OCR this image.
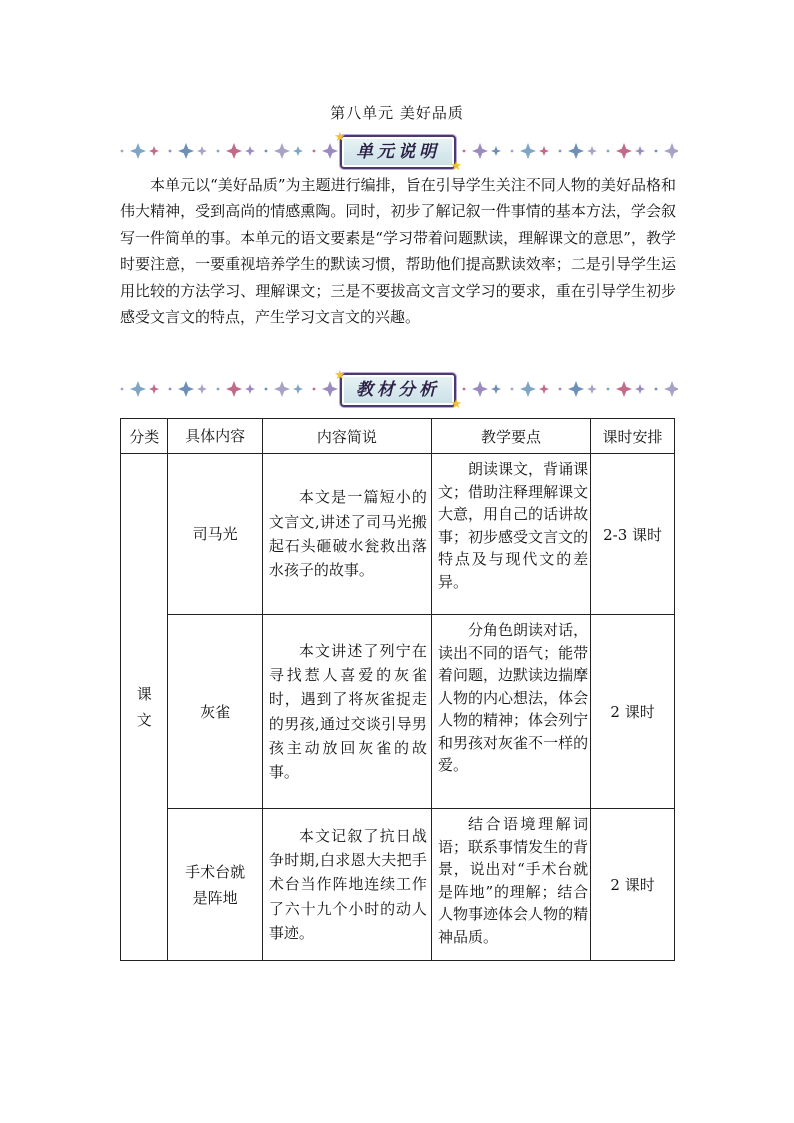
第八单元 美好品质
★
单元说明
★

本单元以“美好品质”为主题进行编排，旨在引导学生关注不同人物的美好品格和伟大精神，受到高尚的情感熏陶。同时，初步了解记叙一件事情的基本方法，学会叙写一件简单的事。本单元的语文要素是“学习带着问题默读，理解课文的意思”，教学时要注意，一要重视培养学生的默读习惯，帮助他们提高默读效率；二是引导学生运用比较的方法学习、理解课文；三是不要拔高文言文学习的要求，重在引导学生初步感受文言文的特点，产生学习文言文的兴趣。

★
教材分析
★
分类	具体内容	内容简说	教学要点	课时安排

课
文	司马光	本文是一篇短小的文言文,讲述了司马光搬起石头砸破水瓮救出落水孩子的故事。	朗读课文，背诵课文；借助注释理解课文大意，用自己的话讲故事；初步感受文言文的特点及与现代文的差异。	2-3 课时
	灰雀	本文讲述了列宁在寻找惹人喜爱的灰雀时，遇到了将灰雀捉走的男孩,通过交谈引导男孩主动放回灰雀的故事。	分角色朗读对话，读出不同的语气；能带着问题，边默读边揣摩人物的内心想法，体会人物的精神；体会列宁和男孩对灰雀不一样的爱。	2 课时

	手术台就是阵地	本文记叙了抗日战争时期,白求恩大夫把手术台当作阵地连续工作了六十九个小时的动人事迹。	结合语境理解词语；联系事情发生的背景，说出对“手术台就是阵地”的理解；结合人物事迹体会人物的精神品质。	2 课时
